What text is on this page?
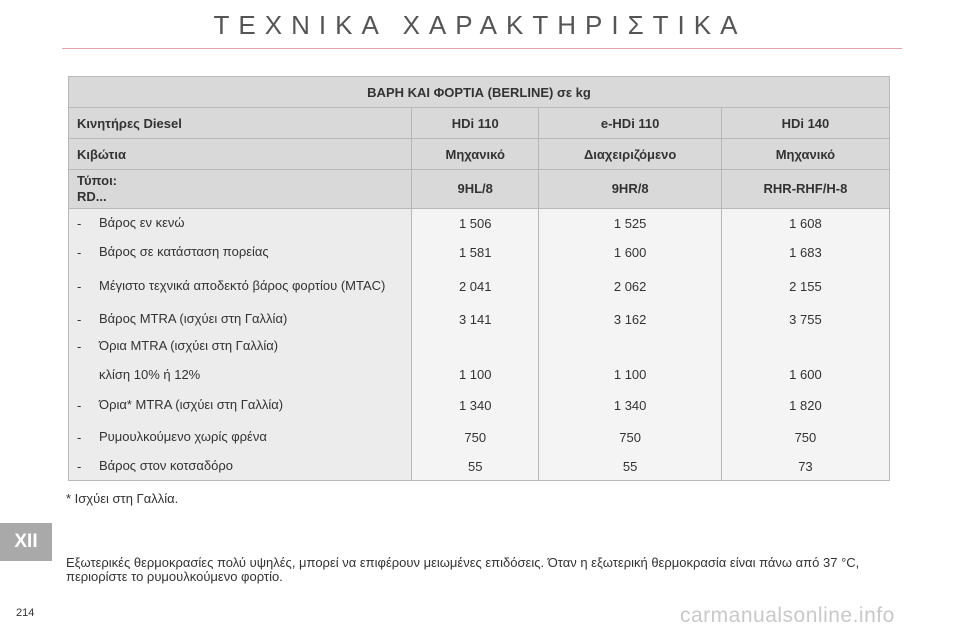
ΤΕΧΝΙΚΑ ΧΑΡΑΚΤΗΡΙΣΤΙΚΑ
ΒΑΡΗ ΚΑΙ ΦΟΡΤΙΑ (BERLINE) σε kg			
Κινητήρες Diesel	HDi 110	e-HDi 110	HDi 140
Κιβώτια	Μηχανικό	Διαχειριζόμενο	Μηχανικό

Τύποι:
RD...	9HL/8	9HR/8	RHR-RHF/H-8

- Βάρος εν κενώ	1 506	1 525	1 608

- Βάρος σε κατάσταση πορείας	1 581	1 600	1 683

- Μέγιστο τεχνικά αποδεκτό βάρος φορτίου (MTAC)	2 041	2 062	2 155

- Βάρος MTRA (ισχύει στη Γαλλία)	3 141	3 162	3 755

- Όρια MTRA (ισχύει στη Γαλλία)			

κλίση 10% ή 12%	1 100	1 100	1 600

- Όρια* MTRA (ισχύει στη Γαλλία)	1 340	1 340	1 820

- Ρυμουλκούμενο χωρίς φρένα	750	750	750

- Βάρος στον κοτσαδόρο	55	55	73
* Ισχύει στη Γαλλία.
XII
Εξωτερικές θερμοκρασίες πολύ υψηλές, μπορεί να επιφέρουν μειωμένες επιδόσεις. Όταν η εξωτερική θερμοκρασία είναι πάνω από 37 °C, περιορίστε το ρυμουλκούμενο φορτίο.
214	carmanualsonline.info
